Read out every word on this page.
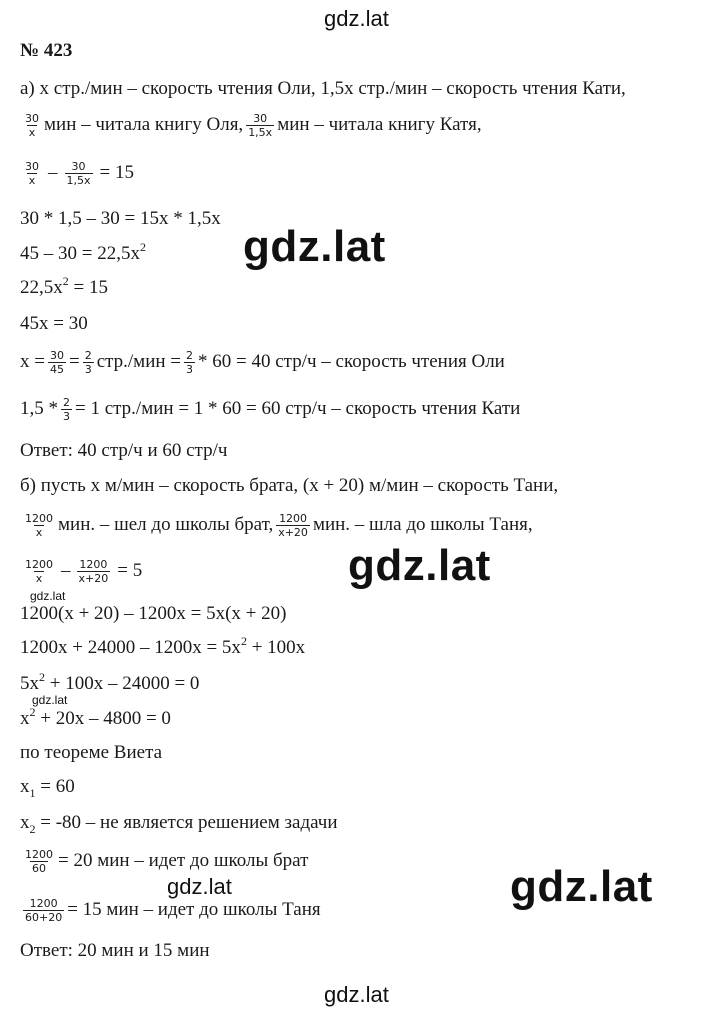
gdz.lat
№ 423
а) x стр./мин – скорость чтения Оли, 1,5x стр./мин – скорость чтения Кати,
$\frac{30}{x}$ мин – читала книгу Оля, $\frac{30}{1,5x}$ мин – читала книгу Катя,
$\frac{30}{x} - \frac{30}{1,5x} = 15$
30 * 1,5 – 30 = 15x * 1,5x
$45 - 30 = 22,5x^2$ gdz.lat
$22,5x^2 = 15$
45x = 30
$x = \frac{30}{45} = \frac{2}{3} стр./мин = \frac{2}{3} * 60 = 40$ стр/ч – скорость чтения Оли
$1,5 * \frac{2}{3} = 1$ стр./мин = 1 * 60 = 60 стр/ч – скорость чтения Кати
Ответ: 40 стр/ч и 60 стр/ч
б) пусть x м/мин – скорость брата, (x + 20) м/мин – скорость Тани,
$\frac{1200}{x}$ мин. – шел до школы брат, $\frac{1200}{x+20}$ мин. – шла до школы Таня,
$\frac{1200}{x} - \frac{1200}{x+20} = 5$	gdz.lat
gdz.lat
1200(x + 20) – 1200x = 5x(x + 20)
$1200x + 24000 - 1200x = 5x^2 + 100x$
$5x^2 + 100x - 24000 = 0$
gdz.lat
$x^2 + 20x - 4800 = 0$
по теореме Виета
$x_1 = 60$
$x_2 = -80$ – не является решением задачи
$\frac{1200}{60} = 20$ мин – идет до школы брат
gdz.lat	gdz.lat
$\frac{1200}{60+20} = 15$ мин – идет до школы Таня
Ответ: 20 мин и 15 мин
gdz.lat
